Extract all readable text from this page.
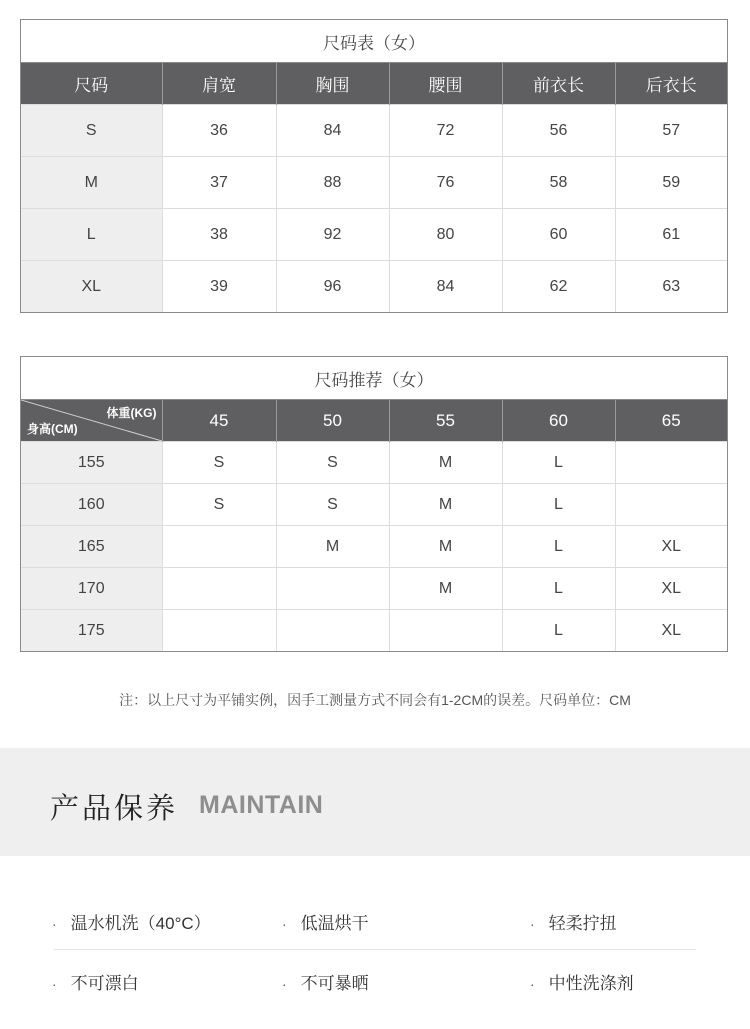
尺码表（女）					
尺码	肩宽	胸围	腰围	前衣长	后衣长
S	36	84	72	56	57
M	37	88	76	58	59
L	38	92	80	60	61
XL	39	96	84	62	63
尺码推荐（女）					

体重(KG)
身高(CM)	45	50	55	60	65
155	S	S	M	L	
160	S	S	M	L	
165		M	M	L	XL
170			M	L	XL
175				L	XL
注：以上尺寸为平铺实例，因手工测量方式不同会有1-2CM的误差。尺码单位：CM
产品保养 MAINTAIN
· 温水机洗（40°C）	· 低温烘干	· 轻柔拧扭
· 不可漂白	· 不可暴晒	· 中性洗涤剂
